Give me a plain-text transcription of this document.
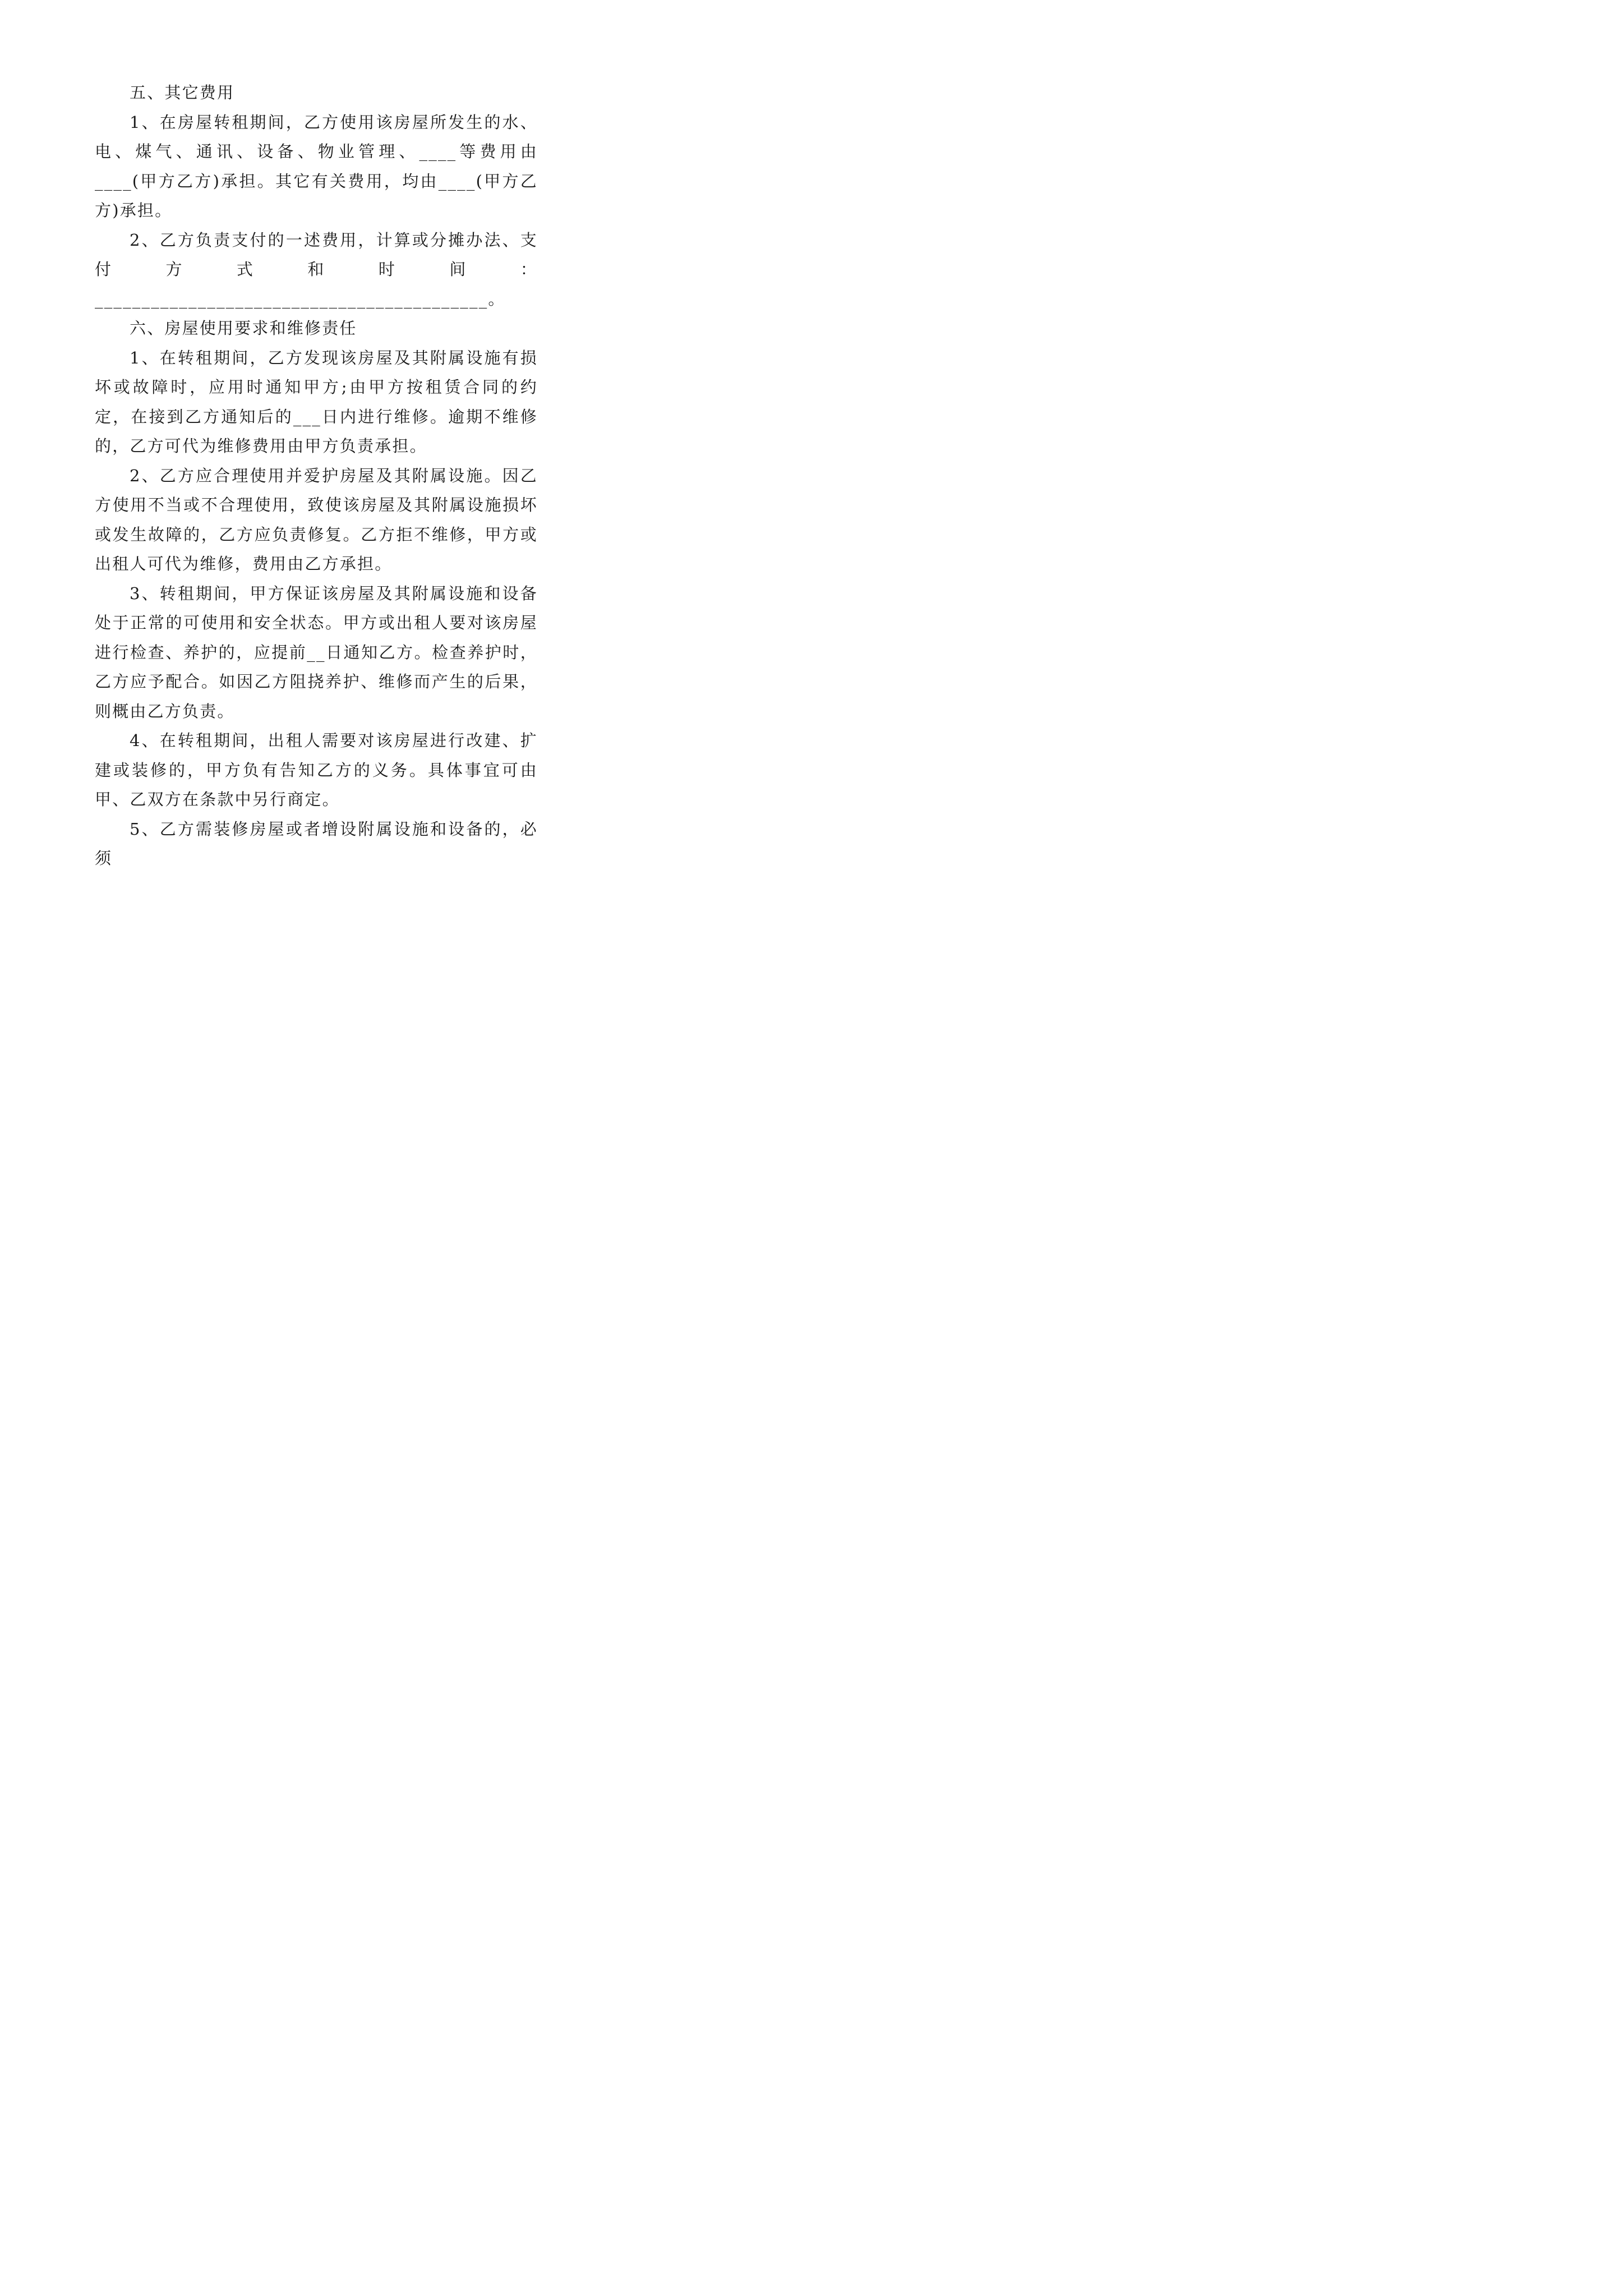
五、其它费用

1、在房屋转租期间，乙方使用该房屋所发生的水、电、煤气、通讯、设备、物业管理、____等费用由____(甲方乙方)承担。其它有关费用，均由____(甲方乙方)承担。

2、乙方负责支付的一述费用，计算或分摊办法、支付方式和时间：__________________________________________。

六、房屋使用要求和维修责任

1、在转租期间，乙方发现该房屋及其附属设施有损坏或故障时，应用时通知甲方;由甲方按租赁合同的约定，在接到乙方通知后的___日内进行维修。逾期不维修的，乙方可代为维修费用由甲方负责承担。

2、乙方应合理使用并爱护房屋及其附属设施。因乙方使用不当或不合理使用，致使该房屋及其附属设施损坏或发生故障的，乙方应负责修复。乙方拒不维修，甲方或出租人可代为维修，费用由乙方承担。

3、转租期间，甲方保证该房屋及其附属设施和设备处于正常的可使用和安全状态。甲方或出租人要对该房屋进行检查、养护的，应提前__日通知乙方。检查养护时，乙方应予配合。如因乙方阻挠养护、维修而产生的后果，则概由乙方负责。

4、在转租期间，出租人需要对该房屋进行改建、扩建或装修的，甲方负有告知乙方的义务。具体事宜可由甲、乙双方在条款中另行商定。

5、乙方需装修房屋或者增设附属设施和设备的，必须
